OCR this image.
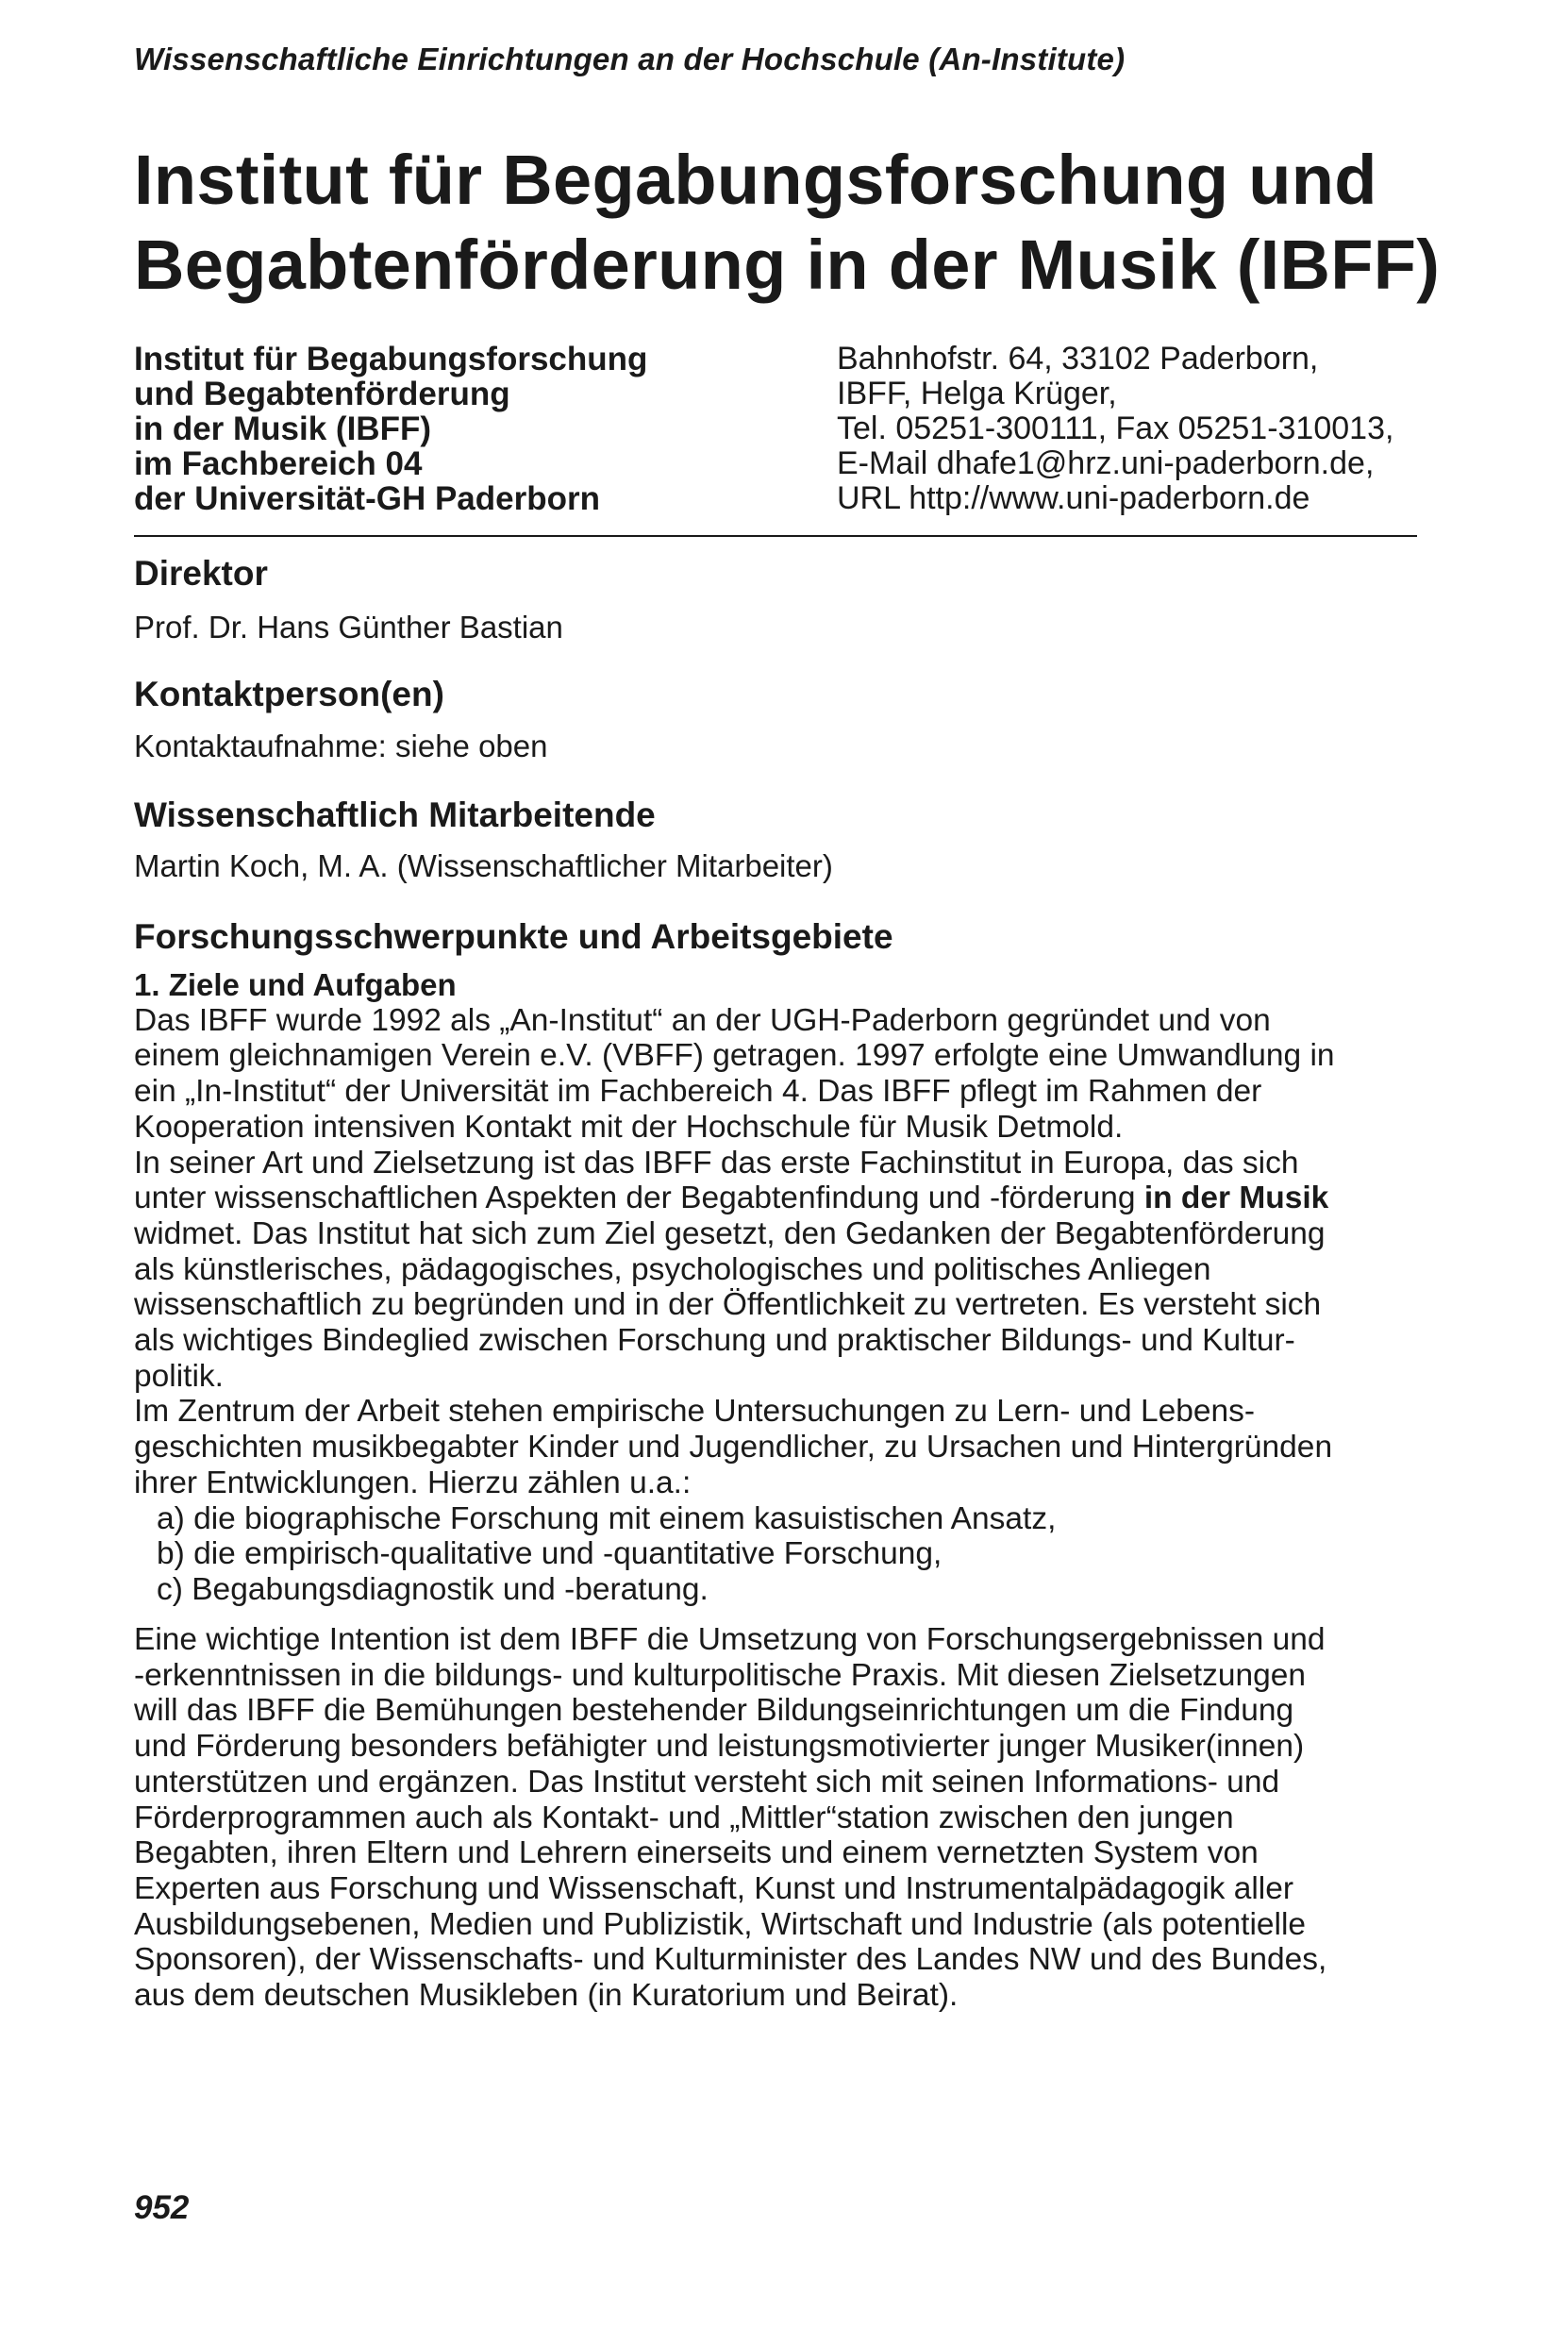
Wissenschaftliche Einrichtungen an der Hochschule (An-Institute)
Institut für Begabungsforschung und
Begabtenförderung in der Musik (IBFF)
Institut für Begabungsforschung
und Begabtenförderung
in der Musik (IBFF)
im Fachbereich 04
der Universität-GH Paderborn
Bahnhofstr. 64, 33102 Paderborn,
IBFF, Helga Krüger,
Tel. 05251-300111, Fax 05251-310013,
E-Mail dhafe1@hrz.uni-paderborn.de,
URL http://www.uni-paderborn.de
Direktor
Prof. Dr. Hans Günther Bastian
Kontaktperson(en)
Kontaktaufnahme: siehe oben
Wissenschaftlich Mitarbeitende
Martin Koch, M. A. (Wissenschaftlicher Mitarbeiter)
Forschungsschwerpunkte und Arbeitsgebiete
1. Ziele und Aufgaben
Das IBFF wurde 1992 als „An-Institut“ an der UGH-Paderborn gegründet und von
einem gleichnamigen Verein e.V. (VBFF) getragen. 1997 erfolgte eine Umwandlung in
ein „In-Institut“ der Universität im Fachbereich 4. Das IBFF pflegt im Rahmen der
Kooperation intensiven Kontakt mit der Hochschule für Musik Detmold.
In seiner Art und Zielsetzung ist das IBFF das erste Fachinstitut in Europa, das sich
unter wissenschaftlichen Aspekten der Begabtenfindung und -förderung in der Musik
widmet. Das Institut hat sich zum Ziel gesetzt, den Gedanken der Begabtenförderung
als künstlerisches, pädagogisches, psychologisches und politisches Anliegen
wissenschaftlich zu begründen und in der Öffentlichkeit zu vertreten. Es versteht sich
als wichtiges Bindeglied zwischen Forschung und praktischer Bildungs- und Kultur-
politik.
Im Zentrum der Arbeit stehen empirische Untersuchungen zu Lern- und Lebens-
geschichten musikbegabter Kinder und Jugendlicher, zu Ursachen und Hintergründen
ihrer Entwicklungen. Hierzu zählen u.a.:
a) die biographische Forschung mit einem kasuistischen Ansatz,
b) die empirisch-qualitative und -quantitative Forschung,
c) Begabungsdiagnostik und -beratung.
Eine wichtige Intention ist dem IBFF die Umsetzung von Forschungsergebnissen und
-erkenntnissen in die bildungs- und kulturpolitische Praxis. Mit diesen Zielsetzungen
will das IBFF die Bemühungen bestehender Bildungseinrichtungen um die Findung
und Förderung besonders befähigter und leistungsmotivierter junger Musiker(innen)
unterstützen und ergänzen. Das Institut versteht sich mit seinen Informations- und
Förderprogrammen auch als Kontakt- und „Mittler“station zwischen den jungen
Begabten, ihren Eltern und Lehrern einerseits und einem vernetzten System von
Experten aus Forschung und Wissenschaft, Kunst und Instrumentalpädagogik aller
Ausbildungsebenen, Medien und Publizistik, Wirtschaft und Industrie (als potentielle
Sponsoren), der Wissenschafts- und Kulturminister des Landes NW und des Bundes,
aus dem deutschen Musikleben (in Kuratorium und Beirat).
952
